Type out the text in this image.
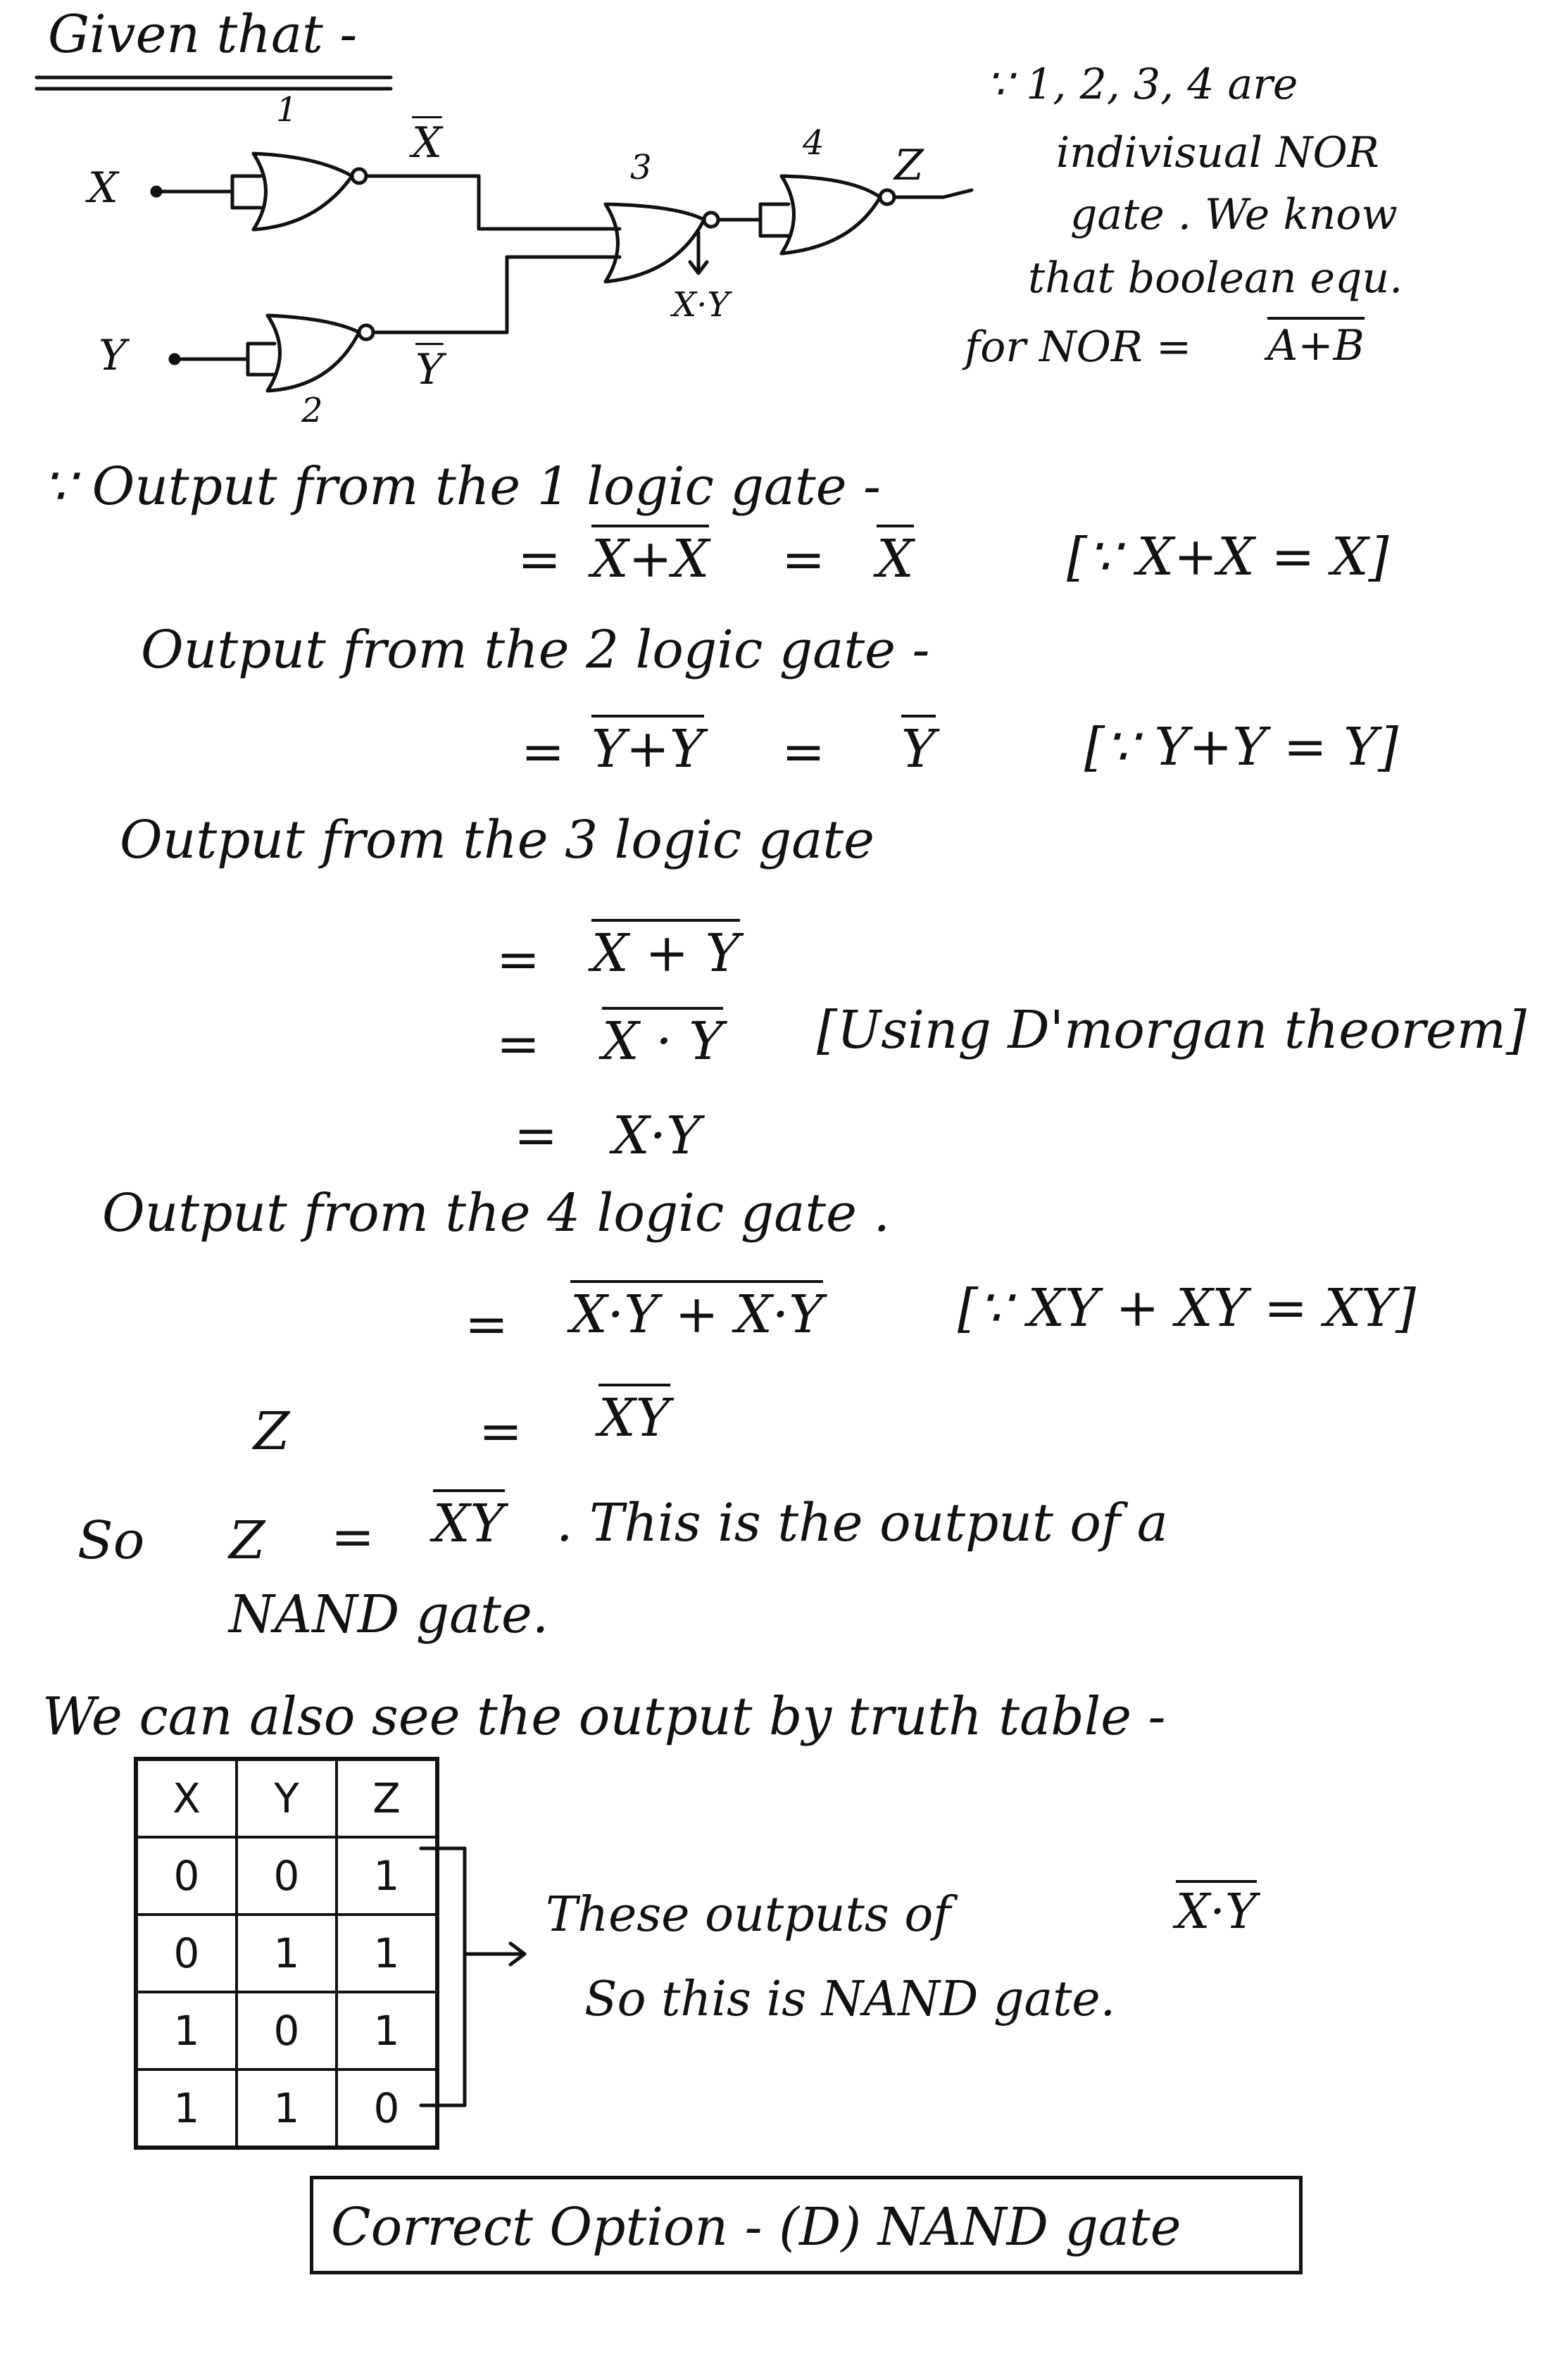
Given that -
1
2
3
4
X
Y
$\overline{X}$
$\overline{Y}$
X·Y
Z
∵ 1, 2, 3, 4 are
indivisual NOR
gate . We know
that boolean equ.
for NOR = A+B
∵ Output from the 1 logic gate -
= X+X = X	[∵ X+X = X]
Output from the 2 logic gate -
= Y+Y = Y	[∵ Y+Y = Y]
Output from the 3 logic gate
= X + Y
= X · Y [Using D'morgan theorem]
= X·Y
Output from the 4 logic gate .
= X·Y + X·Y	[∵ XY + XY = XY]
Z	= XY
So Z = XY . This is the output of a
NAND gate.
We can also see the output by truth table -
X	Y	Z
0	0	1
0	1	1
1	0	1
1	1	0
These outputs of	X·Y
So this is NAND gate.
Correct Option - (D) NAND gate
